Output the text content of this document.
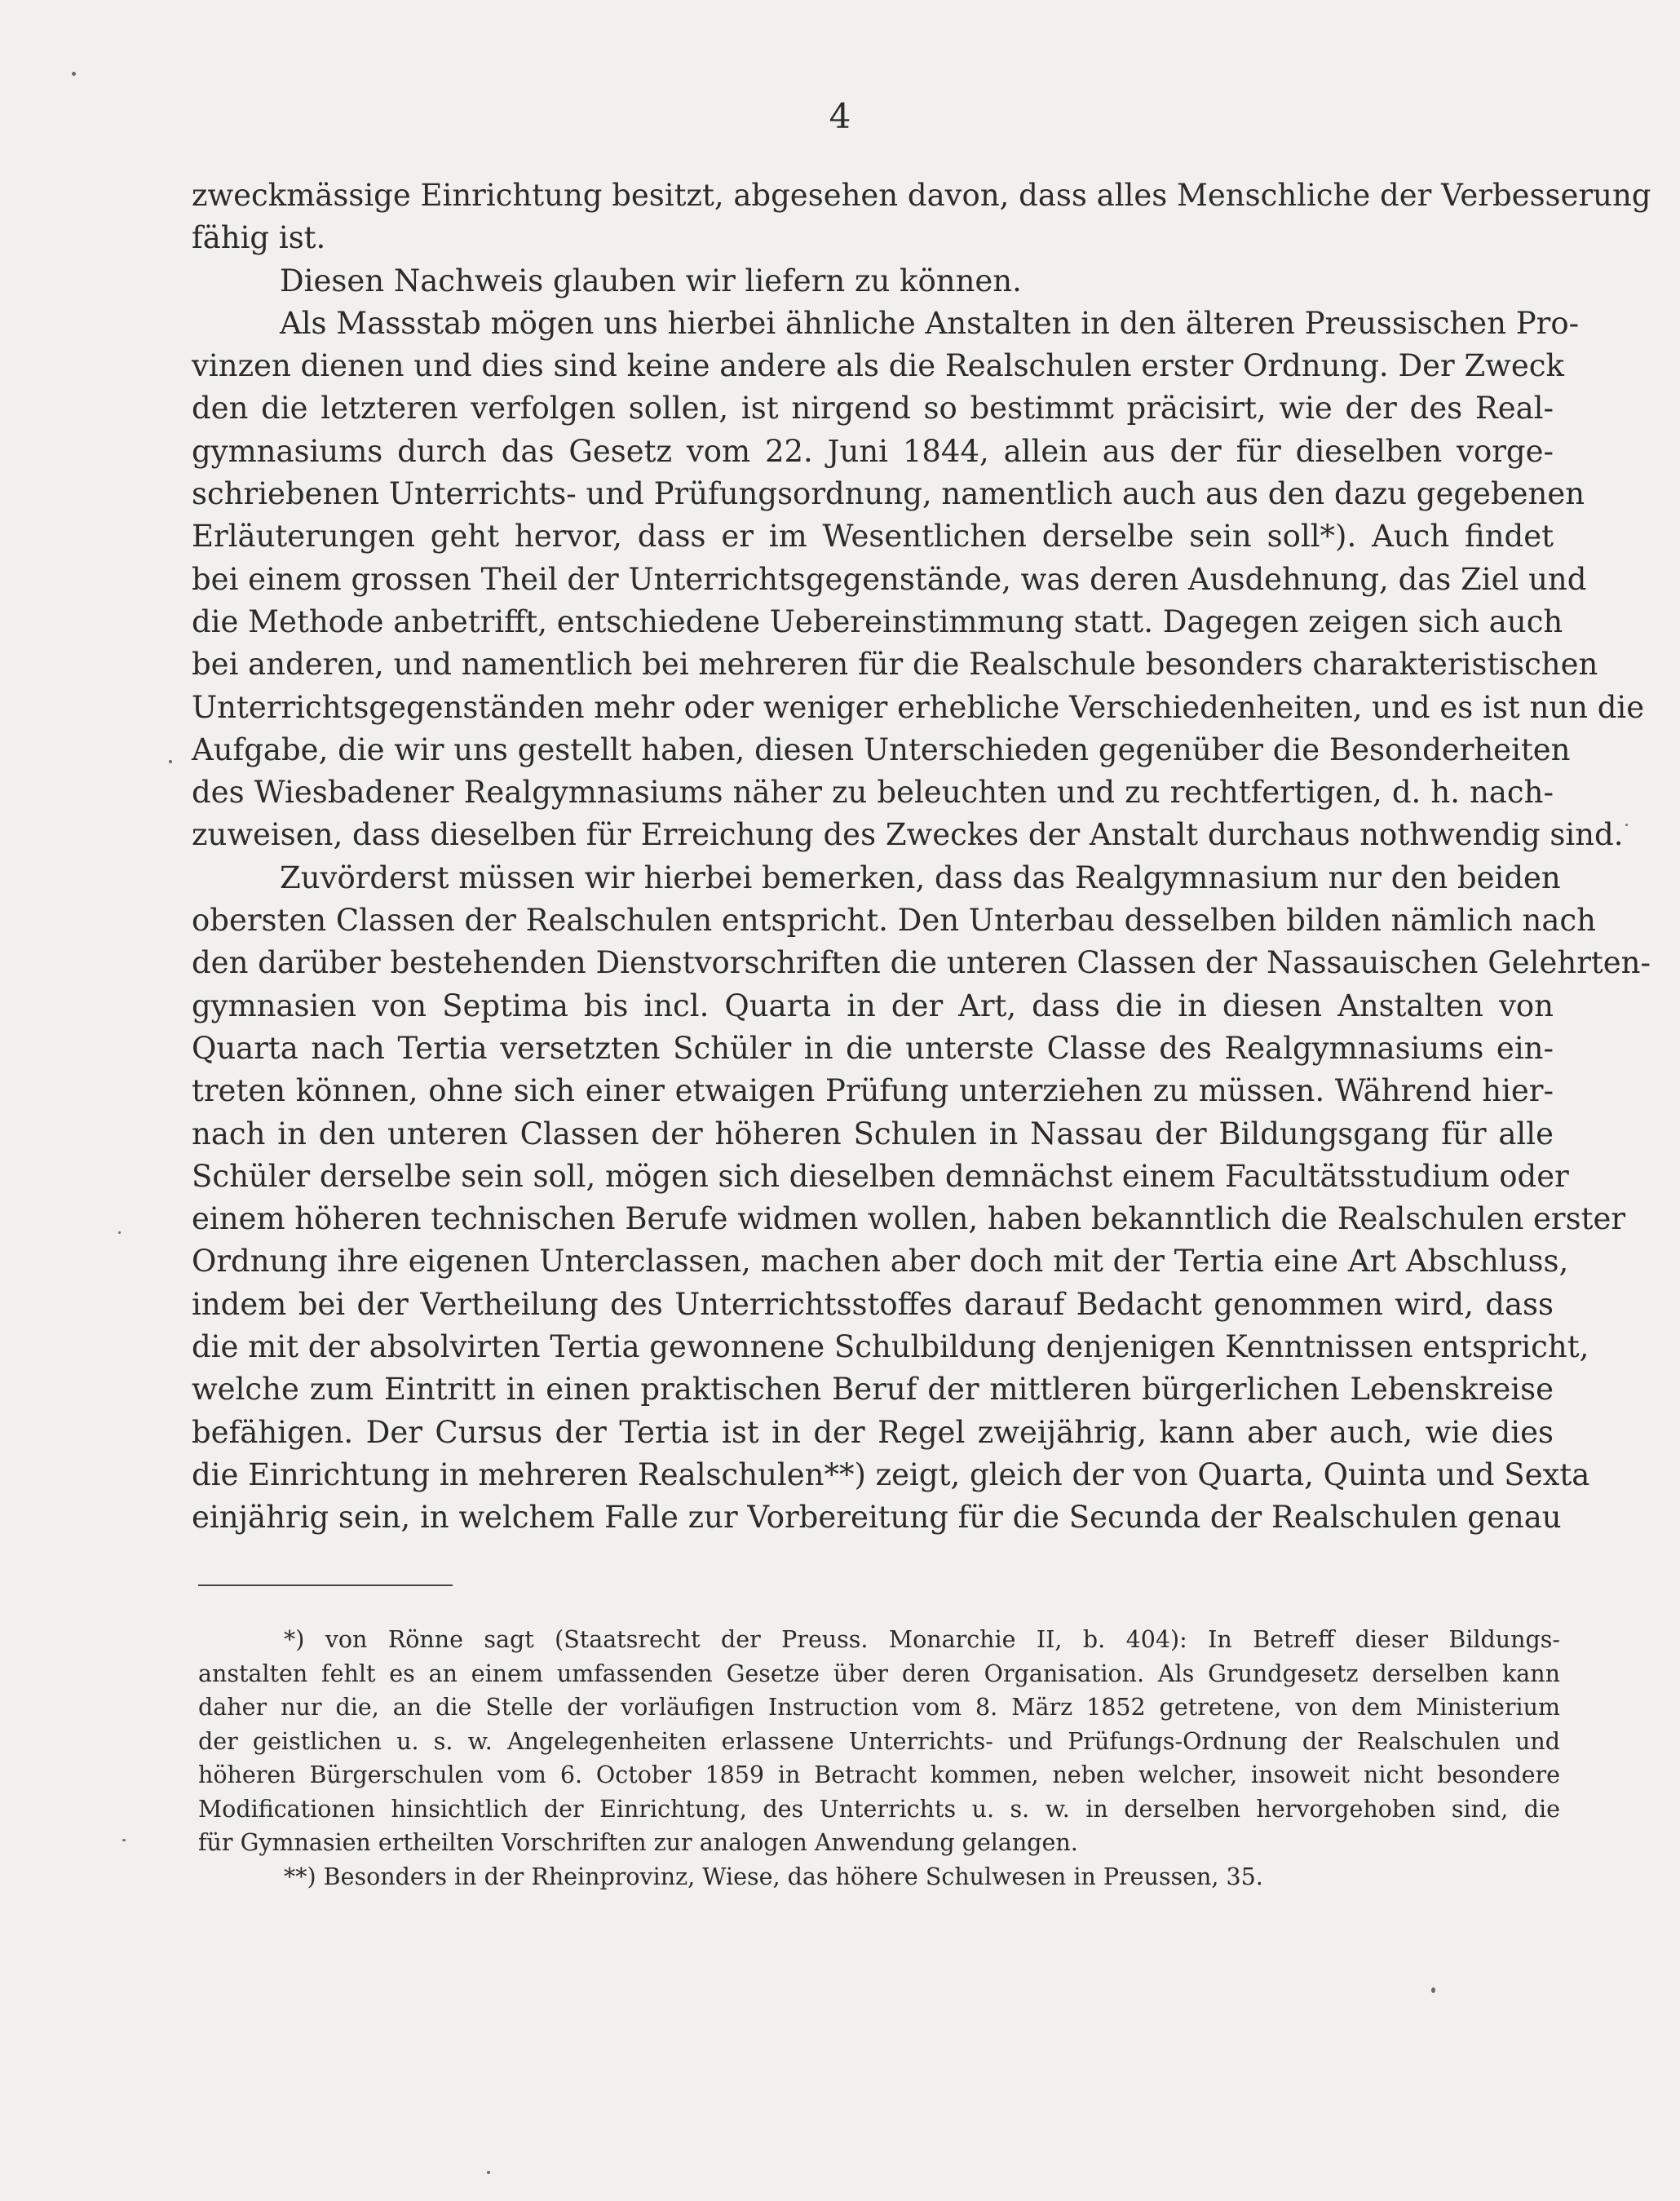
4
zweckmässige Einrichtung besitzt, abgesehen davon, dass alles Menschliche der Verbesserung
fähig ist.
Diesen Nachweis glauben wir liefern zu können.
Als Massstab mögen uns hierbei ähnliche Anstalten in den älteren Preussischen Pro-
vinzen dienen und dies sind keine andere als die Realschulen erster Ordnung. Der Zweck
den die letzteren verfolgen sollen, ist nirgend so bestimmt präcisirt, wie der des Real-
gymnasiums durch das Gesetz vom 22. Juni 1844, allein aus der für dieselben vorge-
schriebenen Unterrichts- und Prüfungsordnung, namentlich auch aus den dazu gegebenen
Erläuterungen geht hervor, dass er im Wesentlichen derselbe sein soll*). Auch findet
bei einem grossen Theil der Unterrichtsgegenstände, was deren Ausdehnung, das Ziel und
die Methode anbetrifft, entschiedene Uebereinstimmung statt. Dagegen zeigen sich auch
bei anderen, und namentlich bei mehreren für die Realschule besonders charakteristischen
Unterrichtsgegenständen mehr oder weniger erhebliche Verschiedenheiten, und es ist nun die
Aufgabe, die wir uns gestellt haben, diesen Unterschieden gegenüber die Besonderheiten
des Wiesbadener Realgymnasiums näher zu beleuchten und zu rechtfertigen, d. h. nach-
zuweisen, dass dieselben für Erreichung des Zweckes der Anstalt durchaus nothwendig sind.
Zuvörderst müssen wir hierbei bemerken, dass das Realgymnasium nur den beiden
obersten Classen der Realschulen entspricht. Den Unterbau desselben bilden nämlich nach
den darüber bestehenden Dienstvorschriften die unteren Classen der Nassauischen Gelehrten-
gymnasien von Septima bis incl. Quarta in der Art, dass die in diesen Anstalten von
Quarta nach Tertia versetzten Schüler in die unterste Classe des Realgymnasiums ein-
treten können, ohne sich einer etwaigen Prüfung unterziehen zu müssen. Während hier-
nach in den unteren Classen der höheren Schulen in Nassau der Bildungsgang für alle
Schüler derselbe sein soll, mögen sich dieselben demnächst einem Facultätsstudium oder
einem höheren technischen Berufe widmen wollen, haben bekanntlich die Realschulen erster
Ordnung ihre eigenen Unterclassen, machen aber doch mit der Tertia eine Art Abschluss,
indem bei der Vertheilung des Unterrichtsstoffes darauf Bedacht genommen wird, dass
die mit der absolvirten Tertia gewonnene Schulbildung denjenigen Kenntnissen entspricht,
welche zum Eintritt in einen praktischen Beruf der mittleren bürgerlichen Lebenskreise
befähigen. Der Cursus der Tertia ist in der Regel zweijährig, kann aber auch, wie dies
die Einrichtung in mehreren Realschulen**) zeigt, gleich der von Quarta, Quinta und Sexta
einjährig sein, in welchem Falle zur Vorbereitung für die Secunda der Realschulen genau
*) von Rönne sagt (Staatsrecht der Preuss. Monarchie II, b. 404): In Betreff dieser Bildungs-
anstalten fehlt es an einem umfassenden Gesetze über deren Organisation. Als Grundgesetz derselben kann
daher nur die, an die Stelle der vorläufigen Instruction vom 8. März 1852 getretene, von dem Ministerium
der geistlichen u. s. w. Angelegenheiten erlassene Unterrichts- und Prüfungs-Ordnung der Realschulen und
höheren Bürgerschulen vom 6. October 1859 in Betracht kommen, neben welcher, insoweit nicht besondere
Modificationen hinsichtlich der Einrichtung, des Unterrichts u. s. w. in derselben hervorgehoben sind, die
für Gymnasien ertheilten Vorschriften zur analogen Anwendung gelangen.
**) Besonders in der Rheinprovinz, Wiese, das höhere Schulwesen in Preussen, 35.
